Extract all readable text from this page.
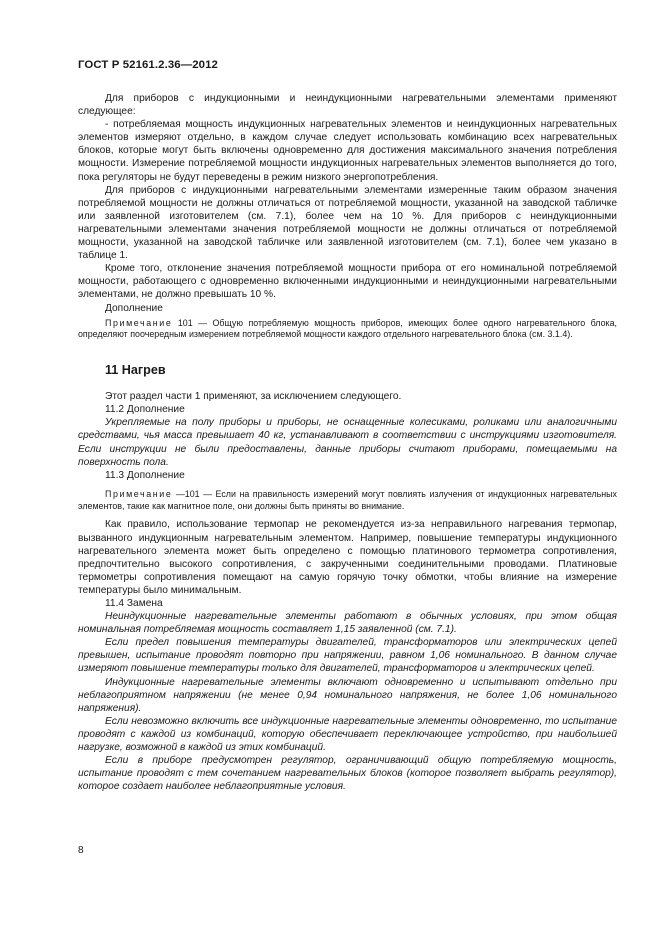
ГОСТ Р 52161.2.36—2012

Для приборов с индукционными и неиндукционными нагревательными элементами применяют следующее:

- потребляемая мощность индукционных нагревательных элементов и неиндукционных нагревательных элементов измеряют отдельно, в каждом случае следует использовать комбинацию всех нагревательных блоков, которые могут быть включены одновременно для достижения максимального значения потребления мощности. Измерение потребляемой мощности индукционных нагревательных элементов выполняется до того, пока регуляторы не будут переведены в режим низкого энергопотребления.

Для приборов с индукционными нагревательными элементами измеренные таким образом значения потребляемой мощности не должны отличаться от потребляемой мощности, указанной на заводской табличке или заявленной изготовителем (см. 7.1), более чем на 10 %. Для приборов с неиндукционными нагревательными элементами значения потребляемой мощности не должны отличаться от потребляемой мощности, указанной на заводской табличке или заявленной изготовителем (см. 7.1), более чем указано в таблице 1.

Кроме того, отклонение значения потребляемой мощности прибора от его номинальной потребляемой мощности, работающего с одновременно включенными индукционными и неиндукционными нагревательными элементами, не должно превышать 10 %.

Дополнение

Примечание 101 — Общую потребляемую мощность приборов, имеющих более одного нагревательного блока, определяют поочередным измерением потребляемой мощности каждого отдельного нагревательного блока (см. 3.1.4).

11 Нагрев

Этот раздел части 1 применяют, за исключением следующего.

11.2 Дополнение

Укрепляемые на полу приборы и приборы, не оснащенные колесиками, роликами или аналогичными средствами, чья масса превышает 40 кг, устанавливают в соответствии с инструкциями изготовителя. Если инструкции не были предоставлены, данные приборы считают приборами, помещаемыми на поверхность пола.

11.3 Дополнение

Примечание —101 — Если на правильность измерений могут повлиять излучения от индукционных нагревательных элементов, такие как магнитное поле, они должны быть приняты во внимание.

Как правило, использование термопар не рекомендуется из-за неправильного нагревания термопар, вызванного индукционным нагревательным элементом. Например, повышение температуры индукционного нагревательного элемента может быть определено с помощью платинового термометра сопротивления, предпочтительно высокого сопротивления, с закрученными соединительными проводами. Платиновые термометры сопротивления помещают на самую горячую точку обмотки, чтобы влияние на измерение температуры было минимальным.

11.4 Замена

Неиндукционные нагревательные элементы работают в обычных условиях, при этом общая номинальная потребляемая мощность составляет 1,15 заявленной (см. 7.1).

Если предел повышения температуры двигателей, трансформаторов или электрических цепей превышен, испытание проводят повторно при напряжении, равном 1,06 номинального. В данном случае измеряют повышение температуры только для двигателей, трансформаторов и электрических цепей.

Индукционные нагревательные элементы включают одновременно и испытывают отдельно при неблагоприятном напряжении (не менее 0,94 номинального напряжения, не более 1,06 номинального напряжения).

Если невозможно включить все индукционные нагревательные элементы одновременно, то испытание проводят с каждой из комбинаций, которую обеспечивает переключающее устройство, при наибольшей нагрузке, возможной в каждой из этих комбинаций.

Если в приборе предусмотрен регулятор, ограничивающий общую потребляемую мощность, испытание проводят с тем сочетанием нагревательных блоков (которое позволяет выбрать регулятор), которое создает наиболее неблагоприятные условия.

8
